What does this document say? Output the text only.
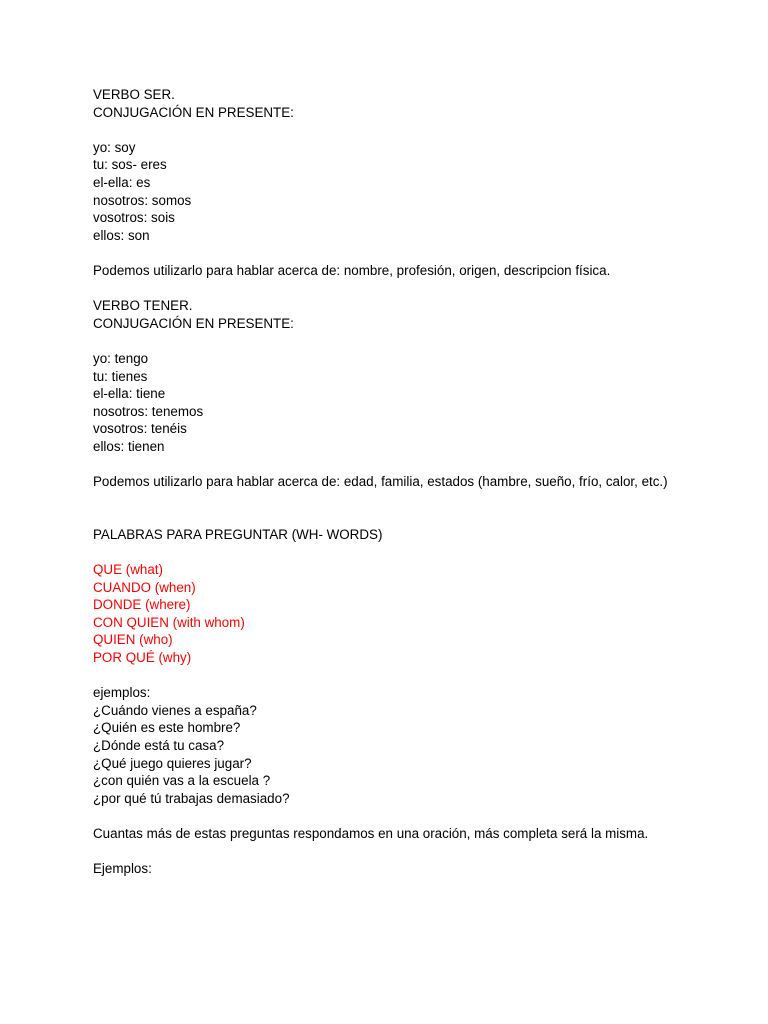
VERBO SER.
CONJUGACIÓN EN PRESENTE:
yo: soy
tu: sos- eres
el-ella: es
nosotros: somos
vosotros: sois
ellos: son
Podemos utilizarlo para hablar acerca de: nombre, profesión, origen, descripcion física.
VERBO TENER.
CONJUGACIÓN EN PRESENTE:
yo: tengo
tu: tienes
el-ella: tiene
nosotros: tenemos
vosotros: tenéis
ellos: tienen
Podemos utilizarlo para hablar acerca de: edad, familia, estados (hambre, sueño, frío, calor, etc.)
PALABRAS PARA PREGUNTAR (WH- WORDS)
QUE (what)
CUANDO (when)
DONDE (where)
CON QUIEN (with whom)
QUIEN (who)
POR QUÉ (why)
ejemplos:
¿Cuándo vienes a españa?
¿Quién es este hombre?
¿Dónde está tu casa?
¿Qué juego quieres jugar?
¿con quién vas a la escuela ?
¿por qué tú trabajas demasiado?
Cuantas más de estas preguntas respondamos en una oración, más completa será la misma.
Ejemplos:
